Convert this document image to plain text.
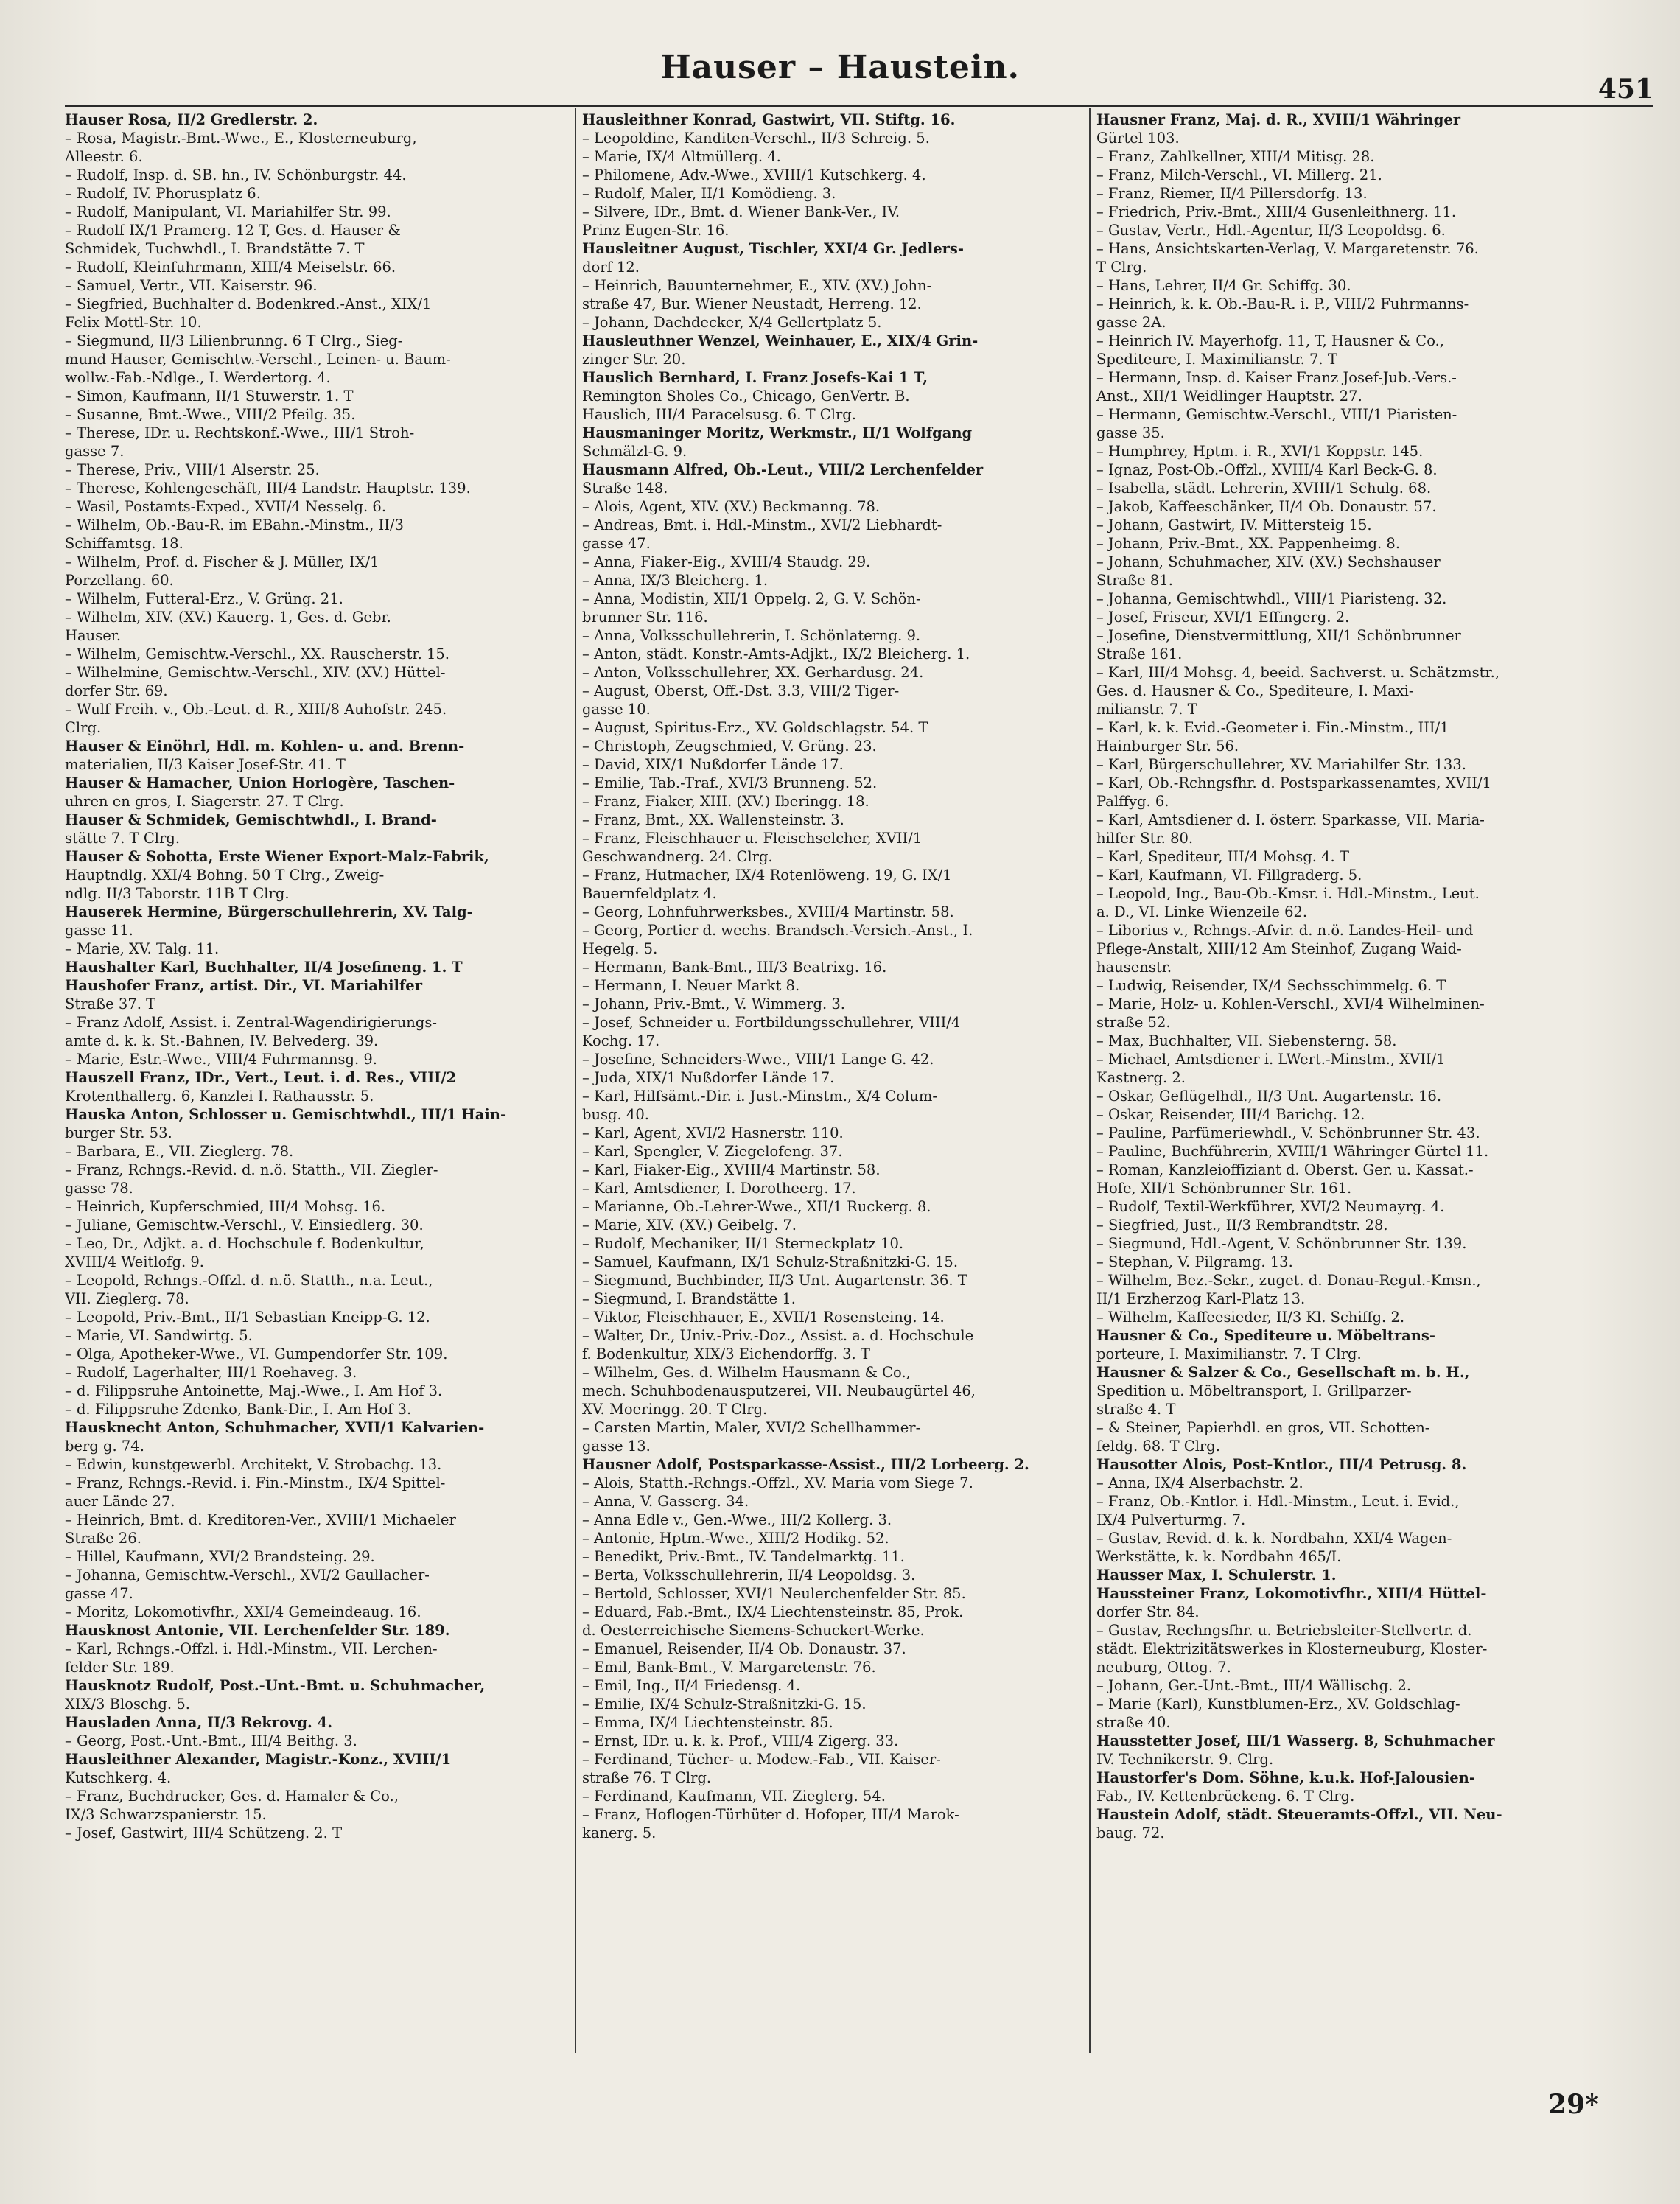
Hauser – Haustein.
451
Hauser Rosa, II/2 Gredlerstr. 2.
– Rosa, Magistr.-Bmt.-Wwe., E., Klosterneuburg,
Alleestr. 6.
– Rudolf, Insp. d. SB. hn., IV. Schönburgstr. 44.
– Rudolf, IV. Phorusplatz 6.
– Rudolf, Manipulant, VI. Mariahilfer Str. 99.
– Rudolf IX/1 Pramerg. 12 T, Ges. d. Hauser &
Schmidek, Tuchwhdl., I. Brandstätte 7. T
– Rudolf, Kleinfuhrmann, XIII/4 Meiselstr. 66.
– Samuel, Vertr., VII. Kaiserstr. 96.
– Siegfried, Buchhalter d. Bodenkred.-Anst., XIX/1
Felix Mottl-Str. 10.
– Siegmund, II/3 Lilienbrunng. 6 T Clrg., Sieg-
mund Hauser, Gemischtw.-Verschl., Leinen- u. Baum-
wollw.-Fab.-Ndlge., I. Werdertorg. 4.
– Simon, Kaufmann, II/1 Stuwerstr. 1. T
– Susanne, Bmt.-Wwe., VIII/2 Pfeilg. 35.
– Therese, IDr. u. Rechtskonf.-Wwe., III/1 Stroh-
gasse 7.
– Therese, Priv., VIII/1 Alserstr. 25.
– Therese, Kohlengeschäft, III/4 Landstr. Hauptstr. 139.
– Wasil, Postamts-Exped., XVII/4 Nesselg. 6.
– Wilhelm, Ob.-Bau-R. im EBahn.-Minstm., II/3
Schiffamtsg. 18.
– Wilhelm, Prof. d. Fischer & J. Müller, IX/1
Porzellang. 60.
– Wilhelm, Futteral-Erz., V. Grüng. 21.
– Wilhelm, XIV. (XV.) Kauerg. 1, Ges. d. Gebr.
Hauser.
– Wilhelm, Gemischtw.-Verschl., XX. Rauscherstr. 15.
– Wilhelmine, Gemischtw.-Verschl., XIV. (XV.) Hüttel-
dorfer Str. 69.
– Wulf Freih. v., Ob.-Leut. d. R., XIII/8 Auhofstr. 245.
Clrg.
Hauser & Einöhrl, Hdl. m. Kohlen- u. and. Brenn-
materialien, II/3 Kaiser Josef-Str. 41. T
Hauser & Hamacher, Union Horlogère, Taschen-
uhren en gros, I. Siagerstr. 27. T Clrg.
Hauser & Schmidek, Gemischtwhdl., I. Brand-
stätte 7. T Clrg.
Hauser & Sobotta, Erste Wiener Export-Malz-Fabrik,
Hauptndlg. XXI/4 Bohng. 50 T Clrg., Zweig-
ndlg. II/3 Taborstr. 11B T Clrg.
Hauserek Hermine, Bürgerschullehrerin, XV. Talg-
gasse 11.
– Marie, XV. Talg. 11.
Haushalter Karl, Buchhalter, II/4 Josefineng. 1. T
Haushofer Franz, artist. Dir., VI. Mariahilfer
Straße 37. T
– Franz Adolf, Assist. i. Zentral-Wagendirigierungs-
amte d. k. k. St.-Bahnen, IV. Belvederg. 39.
– Marie, Estr.-Wwe., VIII/4 Fuhrmannsg. 9.
Hauszell Franz, IDr., Vert., Leut. i. d. Res., VIII/2
Krotenthallerg. 6, Kanzlei I. Rathausstr. 5.
Hauska Anton, Schlosser u. Gemischtwhdl., III/1 Hain-
burger Str. 53.
– Barbara, E., VII. Zieglerg. 78.
– Franz, Rchngs.-Revid. d. n.ö. Statth., VII. Ziegler-
gasse 78.
– Heinrich, Kupferschmied, III/4 Mohsg. 16.
– Juliane, Gemischtw.-Verschl., V. Einsiedlerg. 30.
– Leo, Dr., Adjkt. a. d. Hochschule f. Bodenkultur,
XVIII/4 Weitlofg. 9.
– Leopold, Rchngs.-Offzl. d. n.ö. Statth., n.a. Leut.,
VII. Zieglerg. 78.
– Leopold, Priv.-Bmt., II/1 Sebastian Kneipp-G. 12.
– Marie, VI. Sandwirtg. 5.
– Olga, Apotheker-Wwe., VI. Gumpendorfer Str. 109.
– Rudolf, Lagerhalter, III/1 Roehaveg. 3.
– d. Filippsruhe Antoinette, Maj.-Wwe., I. Am Hof 3.
– d. Filippsruhe Zdenko, Bank-Dir., I. Am Hof 3.
Hausknecht Anton, Schuhmacher, XVII/1 Kalvarien-
berg g. 74.
– Edwin, kunstgewerbl. Architekt, V. Strobachg. 13.
– Franz, Rchngs.-Revid. i. Fin.-Minstm., IX/4 Spittel-
auer Lände 27.
– Heinrich, Bmt. d. Kreditoren-Ver., XVIII/1 Michaeler
Straße 26.
– Hillel, Kaufmann, XVI/2 Brandsteing. 29.
– Johanna, Gemischtw.-Verschl., XVI/2 Gaullacher-
gasse 47.
– Moritz, Lokomotivfhr., XXI/4 Gemeindeaug. 16.
Hausknost Antonie, VII. Lerchenfelder Str. 189.
– Karl, Rchngs.-Offzl. i. Hdl.-Minstm., VII. Lerchen-
felder Str. 189.
Hausknotz Rudolf, Post.-Unt.-Bmt. u. Schuhmacher,
XIX/3 Bloschg. 5.
Hausladen Anna, II/3 Rekrovg. 4.
– Georg, Post.-Unt.-Bmt., III/4 Beithg. 3.
Hausleithner Alexander, Magistr.-Konz., XVIII/1
Kutschkerg. 4.
– Franz, Buchdrucker, Ges. d. Hamaler & Co.,
IX/3 Schwarzspanierstr. 15.
– Josef, Gastwirt, III/4 Schützeng. 2. T
Hausleithner Konrad, Gastwirt, VII. Stiftg. 16.
– Leopoldine, Kanditen-Verschl., II/3 Schreig. 5.
– Marie, IX/4 Altmüllerg. 4.
– Philomene, Adv.-Wwe., XVIII/1 Kutschkerg. 4.
– Rudolf, Maler, II/1 Komödieng. 3.
– Silvere, IDr., Bmt. d. Wiener Bank-Ver., IV.
Prinz Eugen-Str. 16.
Hausleitner August, Tischler, XXI/4 Gr. Jedlers-
dorf 12.
– Heinrich, Bauunternehmer, E., XIV. (XV.) John-
straße 47, Bur. Wiener Neustadt, Herreng. 12.
– Johann, Dachdecker, X/4 Gellertplatz 5.
Hausleuthner Wenzel, Weinhauer, E., XIX/4 Grin-
zinger Str. 20.
Hauslich Bernhard, I. Franz Josefs-Kai 1 T,
Remington Sholes Co., Chicago, GenVertr. B.
Hauslich, III/4 Paracelsusg. 6. T Clrg.
Hausmaninger Moritz, Werkmstr., II/1 Wolfgang
Schmälzl-G. 9.
Hausmann Alfred, Ob.-Leut., VIII/2 Lerchenfelder
Straße 148.
– Alois, Agent, XIV. (XV.) Beckmanng. 78.
– Andreas, Bmt. i. Hdl.-Minstm., XVI/2 Liebhardt-
gasse 47.
– Anna, Fiaker-Eig., XVIII/4 Staudg. 29.
– Anna, IX/3 Bleicherg. 1.
– Anna, Modistin, XII/1 Oppelg. 2, G. V. Schön-
brunner Str. 116.
– Anna, Volksschullehrerin, I. Schönlaterng. 9.
– Anton, städt. Konstr.-Amts-Adjkt., IX/2 Bleicherg. 1.
– Anton, Volksschullehrer, XX. Gerhardusg. 24.
– August, Oberst, Off.-Dst. 3.3, VIII/2 Tiger-
gasse 10.
– August, Spiritus-Erz., XV. Goldschlagstr. 54. T
– Christoph, Zeugschmied, V. Grüng. 23.
– David, XIX/1 Nußdorfer Lände 17.
– Emilie, Tab.-Traf., XVI/3 Brunneng. 52.
– Franz, Fiaker, XIII. (XV.) Iberingg. 18.
– Franz, Bmt., XX. Wallensteinstr. 3.
– Franz, Fleischhauer u. Fleischselcher, XVII/1
Geschwandnerg. 24. Clrg.
– Franz, Hutmacher, IX/4 Rotenlöweng. 19, G. IX/1
Bauernfeldplatz 4.
– Georg, Lohnfuhrwerksbes., XVIII/4 Martinstr. 58.
– Georg, Portier d. wechs. Brandsch.-Versich.-Anst., I.
Hegelg. 5.
– Hermann, Bank-Bmt., III/3 Beatrixg. 16.
– Hermann, I. Neuer Markt 8.
– Johann, Priv.-Bmt., V. Wimmerg. 3.
– Josef, Schneider u. Fortbildungsschullehrer, VIII/4
Kochg. 17.
– Josefine, Schneiders-Wwe., VIII/1 Lange G. 42.
– Juda, XIX/1 Nußdorfer Lände 17.
– Karl, Hilfsämt.-Dir. i. Just.-Minstm., X/4 Colum-
busg. 40.
– Karl, Agent, XVI/2 Hasnerstr. 110.
– Karl, Spengler, V. Ziegelofeng. 37.
– Karl, Fiaker-Eig., XVIII/4 Martinstr. 58.
– Karl, Amtsdiener, I. Dorotheerg. 17.
– Marianne, Ob.-Lehrer-Wwe., XII/1 Ruckerg. 8.
– Marie, XIV. (XV.) Geibelg. 7.
– Rudolf, Mechaniker, II/1 Sterneckplatz 10.
– Samuel, Kaufmann, IX/1 Schulz-Straßnitzki-G. 15.
– Siegmund, Buchbinder, II/3 Unt. Augartenstr. 36. T
– Siegmund, I. Brandstätte 1.
– Viktor, Fleischhauer, E., XVII/1 Rosensteing. 14.
– Walter, Dr., Univ.-Priv.-Doz., Assist. a. d. Hochschule
f. Bodenkultur, XIX/3 Eichendorffg. 3. T
– Wilhelm, Ges. d. Wilhelm Hausmann & Co.,
mech. Schuhbodenausputzerei, VII. Neubaugürtel 46,
XV. Moeringg. 20. T Clrg.
– Carsten Martin, Maler, XVI/2 Schellhammer-
gasse 13.
Hausner Adolf, Postsparkasse-Assist., III/2 Lorbeerg. 2.
– Alois, Statth.-Rchngs.-Offzl., XV. Maria vom Siege 7.
– Anna, V. Gasserg. 34.
– Anna Edle v., Gen.-Wwe., III/2 Kollerg. 3.
– Antonie, Hptm.-Wwe., XIII/2 Hodikg. 52.
– Benedikt, Priv.-Bmt., IV. Tandelmarktg. 11.
– Berta, Volksschullehrerin, II/4 Leopoldsg. 3.
– Bertold, Schlosser, XVI/1 Neulerchenfelder Str. 85.
– Eduard, Fab.-Bmt., IX/4 Liechtensteinstr. 85, Prok.
d. Oesterreichische Siemens-Schuckert-Werke.
– Emanuel, Reisender, II/4 Ob. Donaustr. 37.
– Emil, Bank-Bmt., V. Margaretenstr. 76.
– Emil, Ing., II/4 Friedensg. 4.
– Emilie, IX/4 Schulz-Straßnitzki-G. 15.
– Emma, IX/4 Liechtensteinstr. 85.
– Ernst, IDr. u. k. k. Prof., VIII/4 Zigerg. 33.
– Ferdinand, Tücher- u. Modew.-Fab., VII. Kaiser-
straße 76. T Clrg.
– Ferdinand, Kaufmann, VII. Zieglerg. 54.
– Franz, Hoflogen-Türhüter d. Hofoper, III/4 Marok-
kanerg. 5.
Hausner Franz, Maj. d. R., XVIII/1 Währinger
Gürtel 103.
– Franz, Zahlkellner, XIII/4 Mitisg. 28.
– Franz, Milch-Verschl., VI. Millerg. 21.
– Franz, Riemer, II/4 Pillersdorfg. 13.
– Friedrich, Priv.-Bmt., XIII/4 Gusenleithnerg. 11.
– Gustav, Vertr., Hdl.-Agentur, II/3 Leopoldsg. 6.
– Hans, Ansichtskarten-Verlag, V. Margaretenstr. 76.
T Clrg.
– Hans, Lehrer, II/4 Gr. Schiffg. 30.
– Heinrich, k. k. Ob.-Bau-R. i. P., VIII/2 Fuhrmanns-
gasse 2A.
– Heinrich IV. Mayerhofg. 11, T, Hausner & Co.,
Spediteure, I. Maximilianstr. 7. T
– Hermann, Insp. d. Kaiser Franz Josef-Jub.-Vers.-
Anst., XII/1 Weidlinger Hauptstr. 27.
– Hermann, Gemischtw.-Verschl., VIII/1 Piaristen-
gasse 35.
– Humphrey, Hptm. i. R., XVI/1 Koppstr. 145.
– Ignaz, Post-Ob.-Offzl., XVIII/4 Karl Beck-G. 8.
– Isabella, städt. Lehrerin, XVIII/1 Schulg. 68.
– Jakob, Kaffeeschänker, II/4 Ob. Donaustr. 57.
– Johann, Gastwirt, IV. Mittersteig 15.
– Johann, Priv.-Bmt., XX. Pappenheimg. 8.
– Johann, Schuhmacher, XIV. (XV.) Sechshauser
Straße 81.
– Johanna, Gemischtwhdl., VIII/1 Piaristeng. 32.
– Josef, Friseur, XVI/1 Effingerg. 2.
– Josefine, Dienstvermittlung, XII/1 Schönbrunner
Straße 161.
– Karl, III/4 Mohsg. 4, beeid. Sachverst. u. Schätzmstr.,
Ges. d. Hausner & Co., Spediteure, I. Maxi-
milianstr. 7. T
– Karl, k. k. Evid.-Geometer i. Fin.-Minstm., III/1
Hainburger Str. 56.
– Karl, Bürgerschullehrer, XV. Mariahilfer Str. 133.
– Karl, Ob.-Rchngsfhr. d. Postsparkassenamtes, XVII/1
Palffyg. 6.
– Karl, Amtsdiener d. I. österr. Sparkasse, VII. Maria-
hilfer Str. 80.
– Karl, Spediteur, III/4 Mohsg. 4. T
– Karl, Kaufmann, VI. Fillgraderg. 5.
– Leopold, Ing., Bau-Ob.-Kmsr. i. Hdl.-Minstm., Leut.
a. D., VI. Linke Wienzeile 62.
– Liborius v., Rchngs.-Afvir. d. n.ö. Landes-Heil- und
Pflege-Anstalt, XIII/12 Am Steinhof, Zugang Waid-
hausenstr.
– Ludwig, Reisender, IX/4 Sechsschimmelg. 6. T
– Marie, Holz- u. Kohlen-Verschl., XVI/4 Wilhelminen-
straße 52.
– Max, Buchhalter, VII. Siebensterng. 58.
– Michael, Amtsdiener i. LWert.-Minstm., XVII/1
Kastnerg. 2.
– Oskar, Geflügelhdl., II/3 Unt. Augartenstr. 16.
– Oskar, Reisender, III/4 Barichg. 12.
– Pauline, Parfümeriewhdl., V. Schönbrunner Str. 43.
– Pauline, Buchführerin, XVIII/1 Währinger Gürtel 11.
– Roman, Kanzleioffiziant d. Oberst. Ger. u. Kassat.-
Hofe, XII/1 Schönbrunner Str. 161.
– Rudolf, Textil-Werkführer, XVI/2 Neumayrg. 4.
– Siegfried, Just., II/3 Rembrandtstr. 28.
– Siegmund, Hdl.-Agent, V. Schönbrunner Str. 139.
– Stephan, V. Pilgramg. 13.
– Wilhelm, Bez.-Sekr., zuget. d. Donau-Regul.-Kmsn.,
II/1 Erzherzog Karl-Platz 13.
– Wilhelm, Kaffeesieder, II/3 Kl. Schiffg. 2.
Hausner & Co., Spediteure u. Möbeltrans-
porteure, I. Maximilianstr. 7. T Clrg.
Hausner & Salzer & Co., Gesellschaft m. b. H.,
Spedition u. Möbeltransport, I. Grillparzer-
straße 4. T
– & Steiner, Papierhdl. en gros, VII. Schotten-
feldg. 68. T Clrg.
Hausotter Alois, Post-Kntlor., III/4 Petrusg. 8.
– Anna, IX/4 Alserbachstr. 2.
– Franz, Ob.-Kntlor. i. Hdl.-Minstm., Leut. i. Evid.,
IX/4 Pulverturmg. 7.
– Gustav, Revid. d. k. k. Nordbahn, XXI/4 Wagen-
Werkstätte, k. k. Nordbahn 465/I.
Hausser Max, I. Schulerstr. 1.
Haussteiner Franz, Lokomotivfhr., XIII/4 Hüttel-
dorfer Str. 84.
– Gustav, Rechngsfhr. u. Betriebsleiter-Stellvertr. d.
städt. Elektrizitätswerkes in Klosterneuburg, Kloster-
neuburg, Ottog. 7.
– Johann, Ger.-Unt.-Bmt., III/4 Wällischg. 2.
– Marie (Karl), Kunstblumen-Erz., XV. Goldschlag-
straße 40.
Hausstetter Josef, III/1 Wasserg. 8, Schuhmacher
IV. Technikerstr. 9. Clrg.
Haustorfer's Dom. Söhne, k.u.k. Hof-Jalousien-
Fab., IV. Kettenbrückeng. 6. T Clrg.
Haustein Adolf, städt. Steueramts-Offzl., VII. Neu-
baug. 72.
29*
